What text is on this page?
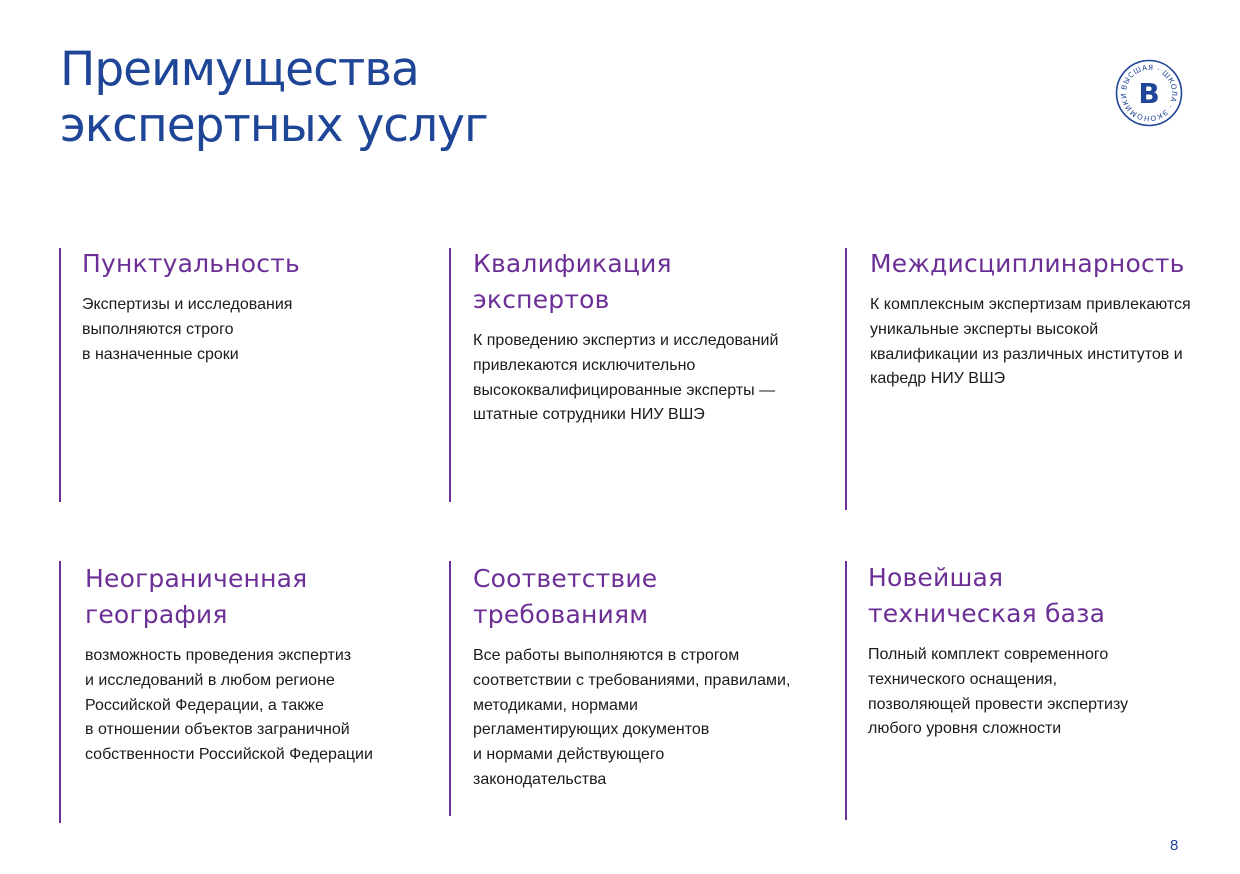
Преимущества
экспертных услуг
ВЫСШАЯ · ШКОЛА · ЭКОНОМИКИ В
Пунктуальность

Экспертизы и исследования
выполняются строго
в назначенные сроки

Квалификация
экспертов

К проведению экспертиз и исследований
привлекаются исключительно
высококвалифицированные эксперты —
штатные сотрудники НИУ ВШЭ

Междисциплинарность

К комплексным экспертизам привлекаются
уникальные эксперты высокой
квалификации из различных институтов и
кафедр НИУ ВШЭ

Неограниченная
география

возможность проведения экспертиз
и исследований в любом регионе
Российской Федерации, а также
в отношении объектов заграничной
собственности Российской Федерации

Соответствие
требованиям

Все работы выполняются в строгом
соответствии с требованиями, правилами,
методиками, нормами
регламентирующих документов
и нормами действующего
законодательства

Новейшая
техническая база

Полный комплект современного
технического оснащения,
позволяющей провести экспертизу
любого уровня сложности

8
